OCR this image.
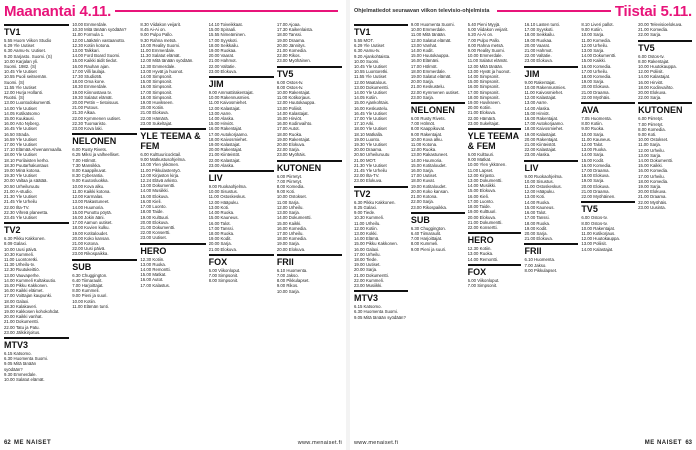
Maanantai 4.11.
TV1
5.55 Huom Viikon Studio
6.29 Yle Uutiset
6.30 Aamu-tv. Uutiset.
9.20 Sarjasto. Suomi. (S)
10.00 Karjalan yli.
Suomi. 1982. (S)
10.45 Yle Uutiset
10.55 Puoli seitsemän.
Suomi. (S)
11.55 Yle Uutiset
12.00 Hurja Hollanti.
Ruotsi. (S)
13.00 Luontodokumentti.
14.00 Yle Uutiset
14.05 Kotikatsomo
15.00 Kuukausi.
16.00 Arto Nyberg.
16.45 Yle Uutiset
16.50 Strada.
16.59 Yle Uutiset
17.00 Yle Uutiset
17.10 Elämää Ahvenanmaalla.
18.00 Yle Uutiset
18.10 Porilaisten kerho.
18.30 Puutarhakuntaus
19.00 Minä kotona.
19.30 Yle Uutiset
20.00 Valtaa ja säätää.
20.50 Urheiluruutu
21.00 A-studio.
21.30 Yle Uutiset
21.45 Yle Urheilu
22.00 Ilta-TV.
22.30 Vihreä planeetta.
23.45 Yle Uutiset
TV2
6.30 Pikku Kakkonen.
8.09 Galaxi.
10.00 Uusi päivä.
10.30 Kummeli.
11.00 Luontoretki.
11.30 Urheilu-tv.
12.30 Ruutukeittiö.
13.00 Vauvaperhe.
14.00 Kummeli Kultakuutio.
15.00 Pikku Kakkonen.
16.00 Kaikki eläimet.
17.00 Voittajan kaupunki.
18.00 Galaxi.
18.30 Kalakaveri.
19.00 Kakkosen kohokohdat.
20.00 Kaikki vanhat.
21.00 Dokumentti.
22.00 Tatu ja Patu.
23.00 Jälkikirjoitus.
MTV3
6.15 Katsomo.
6.30 Huomenta Suomi.
9.05 Mitä tänään
syödään?
9.30 Emmerdale.
10.00 Salatut elämät.
10.00 Emmerdale.
10.30 Mitä tänään syödään?
11.00 Formula 1.
12.00 Lääkärin vastaanotto.
12.30 Kotiin kotona.
13.00 Talkkari.
14.00 Ford Board Suomi.
15.00 Kaikki äidit tiedot.
16.00 Rauhan ajan.
17.00 Villi laulaja.
17.30 Studio55.
18.00 Oma kone.
18.30 Emmerdale.
19.00 Kiinnostava tv.
19.30 Salatut elämät.
20.00 Pettin – tietoisuus.
21.00 Putous.
21.30 Alkaa.
22.00 Kymmenen uutiset.
22.30 Tuomaristo.
23.00 Kova laki.
NELONEN
6.00 Rusty Rivets.
6.25 Miksi ja valheelliset.
7.00 Hölmöt.
7.30 Mansikka.
8.00 Kaappikuvat.
8.30 Cyberantia.
9.00 Kuutosluokka.
10.00 Kova alku.
11.00 Kaikki kotona.
12.00 Karmalas.
13.00 Rakastuneet.
14.00 Huumoria.
15.00 Punottu pöytä.
16.00 Jokin ääni.
17.00 Aamun uutiset.
18.00 Kuvien kulku.
19.00 Kotitaloudet.
20.00 Koko kansan.
21.00 Kotona.
22.00 Uusi päivä.
23.00 Rikospaikka.
SUB
6.30 Chuggington.
6.40 Tiimaraulit.
7.00 Harjoittajat.
8.00 Kummeli.
9.00 Pieni ja suuri.
10.00 Kotiin.
11.00 Elämän tunti.
8.30 Viidakon veijarit.
8.45 Ai-Ai on.
9.00 Pulpo Pallo.
9.30 Rahna metsä.
10.00 Reality Suomi.
11.00 Emmerdale.
11.30 Salatut elämät.
12.00 Mitä tänään syödään.
12.30 Emmerdale.
13.00 Hyvät ja huonot.
14.00 Simpsonit.
15.00 Simpsonit.
16.00 Simpsonit.
17.00 Simpsonit.
18.00 Simpsonit.
19.00 Huvikseen.
20.00 Kotiin.
21.00 Elokuva.
22.00 Hämärä.
23.00 Sukeltajat.
YLE TEEMA & FEM
6.00 Kulttuuricocktail.
9.00 Matkustusohjelma.
10.00 Ylen ykkönen.
11.00 Pikkulastentyö.
12.00 Kirjaston kirja.
12.24 Elävä arkisto.
13.00 Dokumentti.
14.00 Musiikki.
15.00 Elokuva.
16.00 Kieli.
17.00 Luonto.
18.00 Taide.
19.00 Kulttuuri.
20.00 Elokuva.
21.00 Dokumentti.
22.00 Konsertti.
23.00 Uutiset.
HERO
12.30 Kotiin.
13.00 Ruoka.
14.00 Remontti.
15.00 Matkat.
16.00 Autot.
17.00 Kalastus.
14.10 Toiveikkaat.
15.00 Spiraali.
15.55 Nimeäminen.
17.00 Syyskoti.
18.00 Seikkailu.
19.00 Ruokaa.
20.00 Vaarat.
21.00 Hahmot.
22.00 Valtatie.
23.00 Elokuva.
JIM
9.00 Ammattirakentajat.
10.00 Rakennusmies.
11.00 Kaivosmiehet.
12.00 Kalastajat.
13.00 Aarre.
14.00 Alaska.
15.00 Hirviöt.
16.00 Rakentajat.
17.00 Autokorjaamo.
18.00 Kaivosmiehet.
19.00 Kalastajat.
20.00 Rakentajat.
21.00 Kiinteistöt.
22.00 Kalastajat.
23.00 Alaska.
LIV
9.00 Ruokaohjelma.
10.00 Sisustus.
11.00 Ostoskeskus.
12.00 Hääpuku.
13.00 Koti.
14.00 Ruoka.
15.00 Kauneus.
16.00 Talot.
17.00 Tanssi.
18.00 Ruoka.
19.00 Kodit.
20.00 Sarja.
21.00 Elokuva.
FOX
6.00 Viikonloput.
7.00 Simpsonit.
8.00 Simpsonit.
17.00 Ajoaa.
17.30 Kaikenlaista.
18.00 Tanssi.
19.00 Draama.
20.00 Jännitys.
21.00 Komedia.
22.00 Rikos.
23.00 Myöhäinen.
TV5
6.00 Ostos-tv.
8.00 Ostos-tv.
10.00 Rakentajat.
11.00 Kotikorjaus.
12.00 Huutokauppa.
13.00 Poliisit.
14.00 Kalastajat.
15.00 Hirviöt.
16.00 Kodinvaihto.
17.00 Autot.
18.00 Ruoka.
19.00 Rakentajat.
20.00 Elokuva.
22.00 Sarja.
23.00 Myöhäis.
KUTONEN
6.00 Piirretyt.
7.00 Piirretyt.
8.00 Komedia.
9.00 Koti.
10.00 Ostokset.
11.00 Sarja.
12.00 Urheilu.
13.00 Sarja.
14.00 Dokumentti.
15.00 Kaikki.
16.00 Komedia.
17.00 Urheilu.
18.00 Komedia.
19.00 Sarja.
20.00 Elokuva.
FRII
6.10 Huomenta.
7.00 Jakso.
8.00 Pikkulapset.
9.00 Rikos.
10.00 Sarja.
62 ME NAISET	www.menaiset.fi
Ohjelmatiedot seuraavan viikon televisio-ohjelmista	Tiistai 5.11.
TV1
5.55 MOT.
6.29 Yle Uutiset
6.30 Aamu-tv.
9.20 Ajankohtaista.
10.00 Suomi.
10.45 Yle Uutiset
10.55 Luontoretki.
11.55 Yle Uutiset
12.00 Maatalous.
13.00 Dokumentti.
14.00 Yle Uutiset
14.05 Kotiin.
15.00 Ajankohtais.
16.00 Keskustelu.
16.45 Yle Uutiset
17.00 Yle Uutiset
17.10 Arki.
18.00 Yle Uutiset
18.10 Matkalla.
19.00 Luonto.
19.30 Yle Uutiset
20.00 Draama.
20.50 Urheiluruutu
21.00 MOT.
21.30 Yle Uutiset
21.45 Yle Urheilu
22.00 Ilta-TV.
23.00 Elokuva.
TV2
6.30 Pikku Kakkonen.
8.25 Galaxi.
9.00 Tiede.
10.30 Kummeli.
11.00 Urheilu.
12.00 Kotiin.
13.00 Kokki.
14.00 Elämä.
15.00 Pikku Kakkonen.
16.00 Galaxi.
17.00 Urheilu.
18.00 Tiede.
19.00 Uutiset.
20.00 Sarja.
21.00 Dokumentti.
22.00 Kummeli.
23.00 Musiikki.
MTV3
6.15 Katsomo.
6.30 Huomenta Suomi.
9.05 Mitä tänään syödään?
9.00 Huomenta Suomi.
10.00 Emmerdale.
11.00 Mitä tänään.
12.00 Salatut elämät.
13.00 Vanhat.
14.00 Kodit.
15.00 Huutokauppa.
16.00 Elämäni.
17.00 Hölmöt.
18.00 Emmerdale.
19.00 Salatut elämät.
20.00 Sarja.
21.00 Keskustelu.
22.00 Kymmenen uutiset.
23.00 Sarja.
NELONEN
6.00 Rusty Rivets.
7.00 Hölmöt.
8.00 Kaappikuvat.
9.00 Rakentajat.
10.00 Kova alku.
11.00 Kotona.
12.00 Ruoka.
13.00 Rakastuneet.
14.00 Huumoria.
15.00 Kotitaloudet.
16.00 Sarja.
17.00 Uutiset.
18.00 Kuvat.
19.00 Kotitaloudet.
20.00 Koko kansan.
21.00 Kotona.
22.00 Sarja.
23.00 Rikospaikka.
SUB
6.30 Chuggington.
6.40 Tiimaraulit.
7.00 Harjoittajat.
8.00 Kummeli.
9.00 Pieni ja suuri.
5.40 Pieni Myyjä.
6.00 Viidakon veijarit.
6.20 Ai-Ai on.
7.00 Pulpo Pallo.
8.00 Rahna metsä.
9.00 Reality Suomi.
10.00 Emmerdale.
11.00 Salatut elämät.
12.00 Mitä tänään.
13.00 Hyvät ja huonot.
14.00 Simpsonit.
15.00 Simpsonit.
16.00 Simpsonit.
17.00 Simpsonit.
18.00 Simpsonit.
19.00 Huvikseen.
20.00 Kotiin.
21.00 Elokuva.
22.00 Hämärä.
23.00 Sukeltajat.
YLE TEEMA & FEM
6.00 Kulttuuri.
9.00 Matkat.
10.00 Ylen ykkönen.
11.00 Lapset.
12.00 Kirjasto.
13.00 Dokumentti.
14.00 Musiikki.
15.00 Elokuva.
16.00 Kieli.
17.00 Luonto.
18.00 Taide.
19.00 Kulttuuri.
20.00 Elokuva.
21.00 Dokumentti.
22.00 Konsertti.
HERO
12.30 Kotiin.
13.00 Ruoka.
14.00 Remontti.
FOX
6.00 Viikonloput.
7.00 Simpsonit.
16.10 Lasten tunti.
17.00 Syyskoti.
18.00 Seikkailu.
19.00 Ruokaa.
20.00 Vaarat.
21.00 Hahmot.
22.00 Valtatie.
23.00 Elokuva.
JIM
9.00 Rakentajat.
10.00 Rakennusmies.
11.00 Kaivosmiehet.
12.00 Kalastajat.
13.00 Aarre.
14.00 Alaska.
15.00 Hirviöt.
16.00 Rakentajat.
17.00 Autokorjaamo.
18.00 Kaivosmiehet.
19.00 Kalastajat.
20.00 Rakentajat.
21.00 Kiinteistöt.
22.00 Kalastajat.
23.00 Alaska.
LIV
9.00 Ruokaohjelma.
10.00 Sisustus.
11.00 Ostoskeskus.
12.00 Hääpuku.
13.00 Koti.
14.00 Ruoka.
15.00 Kauneus.
16.00 Talot.
17.00 Tanssi.
18.00 Ruoka.
19.00 Kodit.
20.00 Sarja.
21.00 Elokuva.
FRII
6.10 Huomenta.
7.00 Jakso.
8.00 Pikkulapset.
8.10 Liveri pallot.
9.00 Kotiin.
10.00 Sarja.
11.00 Komedia.
12.00 Urheilu.
13.00 Sarja.
14.00 Dokumentti.
15.00 Kaikki.
16.00 Komedia.
17.00 Urheilu.
18.00 Komedia.
19.00 Sarja.
20.00 Elokuva.
21.00 Draama.
22.00 Myöhäis.
AVA
7.05 Huomenta.
8.00 Kotiin.
9.00 Ruoka.
10.00 Sarja.
11.00 Kauneus.
12.00 Talot.
13.00 Ruoka.
14.00 Sarja.
15.00 Kodit.
16.00 Komedia.
17.00 Draama.
18.00 Elokuva.
19.00 Sarja.
20.00 Elokuva.
21.00 Draama.
22.00 Myöhäinen.
TV5
6.00 Ostos-tv.
8.00 Ostos-tv.
10.00 Rakentajat.
11.00 Kotikorjaus.
12.00 Huutokauppa.
13.00 Poliisit.
14.00 Kalastajat.
20.00 Televisioelokuva.
21.00 Komedia.
22.00 Sarja.
TV5
6.00 Ostos-tv.
8.00 Rakentajat.
10.00 Huutokauppa.
12.00 Poliisit.
14.00 Kalastajat.
16.00 Hirviöt.
18.00 Kodinvaihto.
20.00 Elokuva.
22.00 Sarja.
KUTONEN
6.00 Piirretyt.
7.00 Piirretyt.
8.00 Komedia.
9.00 Koti.
10.00 Ostokset.
11.00 Sarja.
12.00 Urheilu.
13.00 Sarja.
14.00 Dokumentti.
15.00 Kaikki.
16.00 Komedia.
17.00 Urheilu.
18.00 Komedia.
19.00 Sarja.
20.00 Elokuva.
21.00 Draama.
22.00 Myöhäis.
23.00 Uusinta.
www.menaiset.fi	ME NAISET 63
